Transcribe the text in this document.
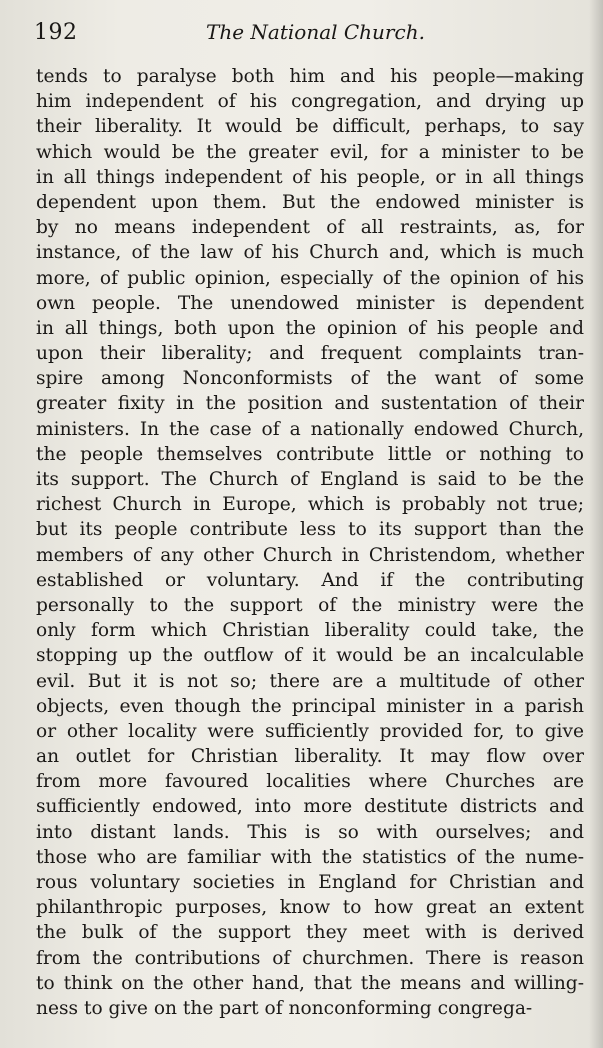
192	The National Church.
tends to paralyse both him and his people—making
him independent of his congregation, and drying up
their liberality. It would be difficult, perhaps, to say
which would be the greater evil, for a minister to be
in all things independent of his people, or in all things
dependent upon them. But the endowed minister is
by no means independent of all restraints, as, for
instance, of the law of his Church and, which is much
more, of public opinion, especially of the opinion of his
own people. The unendowed minister is dependent
in all things, both upon the opinion of his people and
upon their liberality; and frequent complaints tran-
spire among Nonconformists of the want of some
greater fixity in the position and sustentation of their
ministers. In the case of a nationally endowed Church,
the people themselves contribute little or nothing to
its support. The Church of England is said to be the
richest Church in Europe, which is probably not true;
but its people contribute less to its support than the
members of any other Church in Christendom, whether
established or voluntary. And if the contributing
personally to the support of the ministry were the
only form which Christian liberality could take, the
stopping up the outflow of it would be an incalculable
evil. But it is not so; there are a multitude of other
objects, even though the principal minister in a parish
or other locality were sufficiently provided for, to give
an outlet for Christian liberality. It may flow over
from more favoured localities where Churches are
sufficiently endowed, into more destitute districts and
into distant lands. This is so with ourselves; and
those who are familiar with the statistics of the nume-
rous voluntary societies in England for Christian and
philanthropic purposes, know to how great an extent
the bulk of the support they meet with is derived
from the contributions of churchmen. There is reason
to think on the other hand, that the means and willing-
ness to give on the part of nonconforming congrega-
